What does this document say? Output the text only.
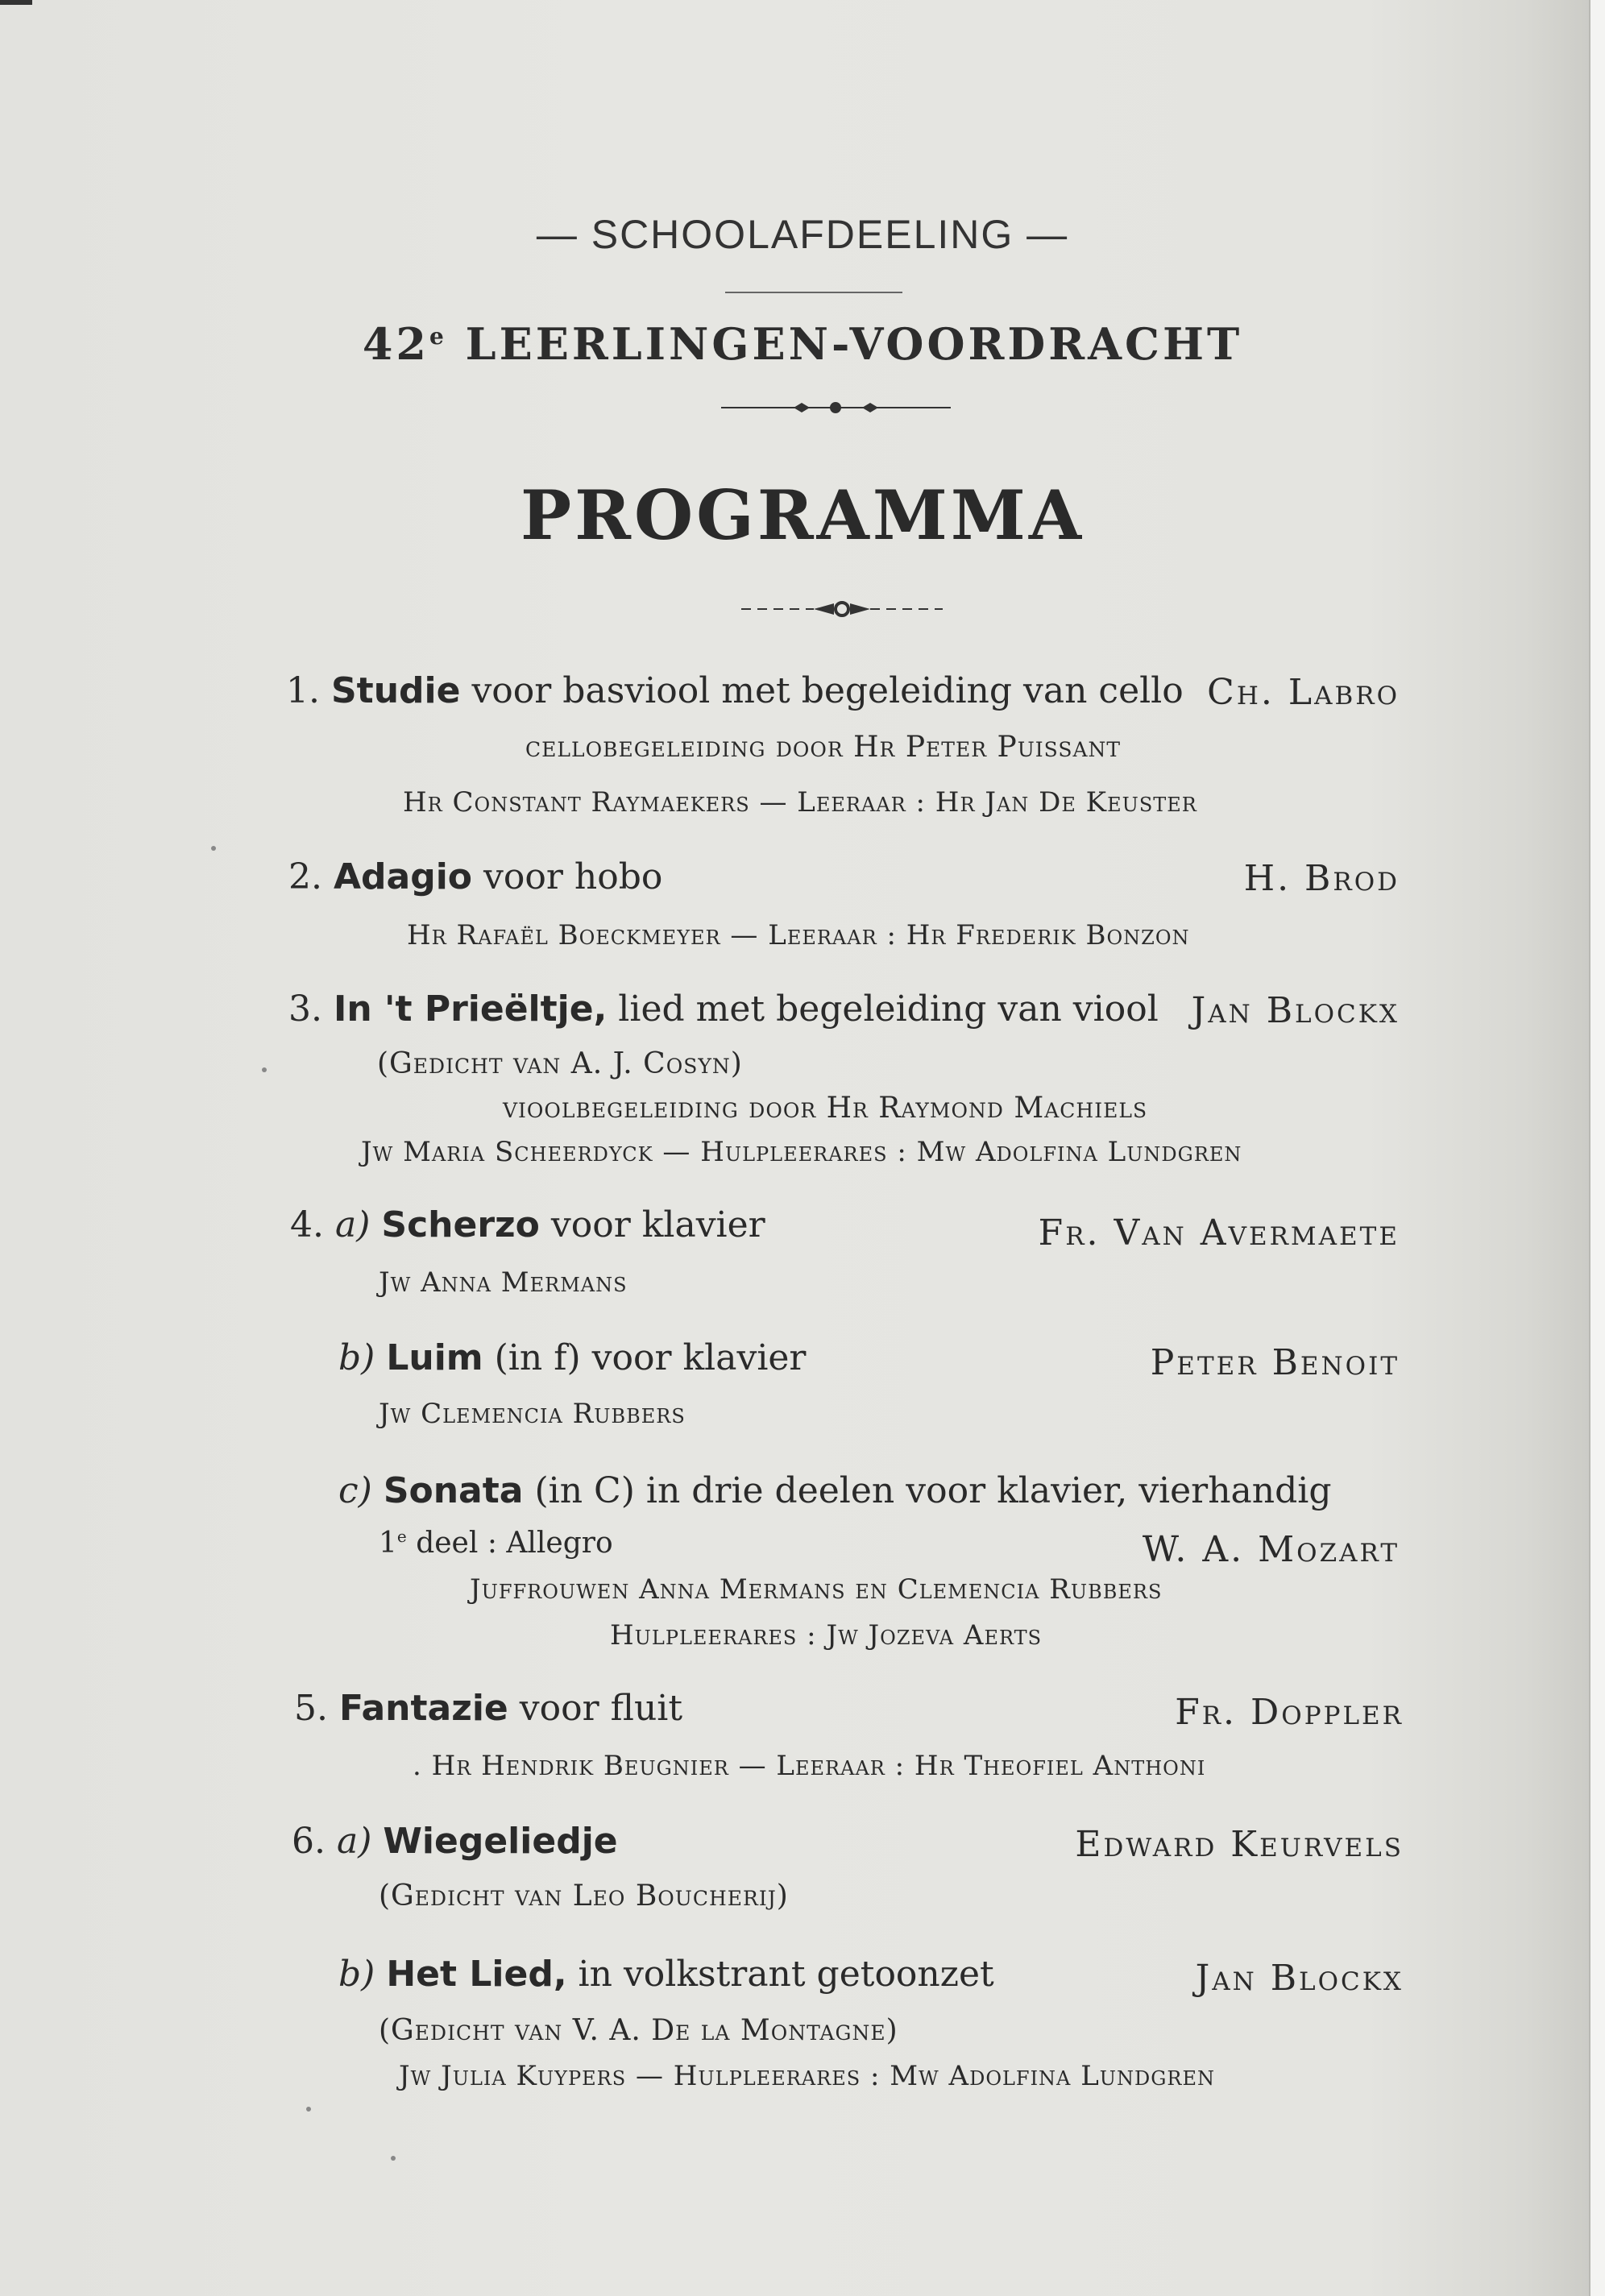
— SCHOOLAFDEELING —
42e LEERLINGEN-VOORDRACHT
PROGRAMMA
1. Studie voor basviool met begeleiding van cello Ch. Labro
cellobegeleiding door Hr Peter Puissant
Hr Constant Raymaekers — Leeraar : Hr Jan De Keuster
2. Adagio voor hobo	H. Brod
Hr Rafaël Boeckmeyer — Leeraar : Hr Frederik Bonzon
3. In 't Prieëltje, lied met begeleiding van viool Jan Blockx
(Gedicht van A. J. Cosyn)
vioolbegeleiding door Hr Raymond Machiels
Jw Maria Scheerdyck — Hulpleerares : Mw Adolfina Lundgren
4. a) Scherzo voor klavier	Fr. Van Avermaete
Jw Anna Mermans
b) Luim (in f) voor klavier	Peter Benoit
Jw Clemencia Rubbers
c) Sonata (in C) in drie deelen voor klavier, vierhandig
1e deel : Allegro	W. A. Mozart
Juffrouwen Anna Mermans en Clemencia Rubbers
Hulpleerares : Jw Jozeva Aerts
5. Fantazie voor fluit	Fr. Doppler
. Hr Hendrik Beugnier — Leeraar : Hr Theofiel Anthoni
6. a) Wiegeliedje	Edward Keurvels
(Gedicht van Leo Boucherij)
b) Het Lied, in volkstrant getoonzet	Jan Blockx
(Gedicht van V. A. De la Montagne)
Jw Julia Kuypers — Hulpleerares : Mw Adolfina Lundgren
